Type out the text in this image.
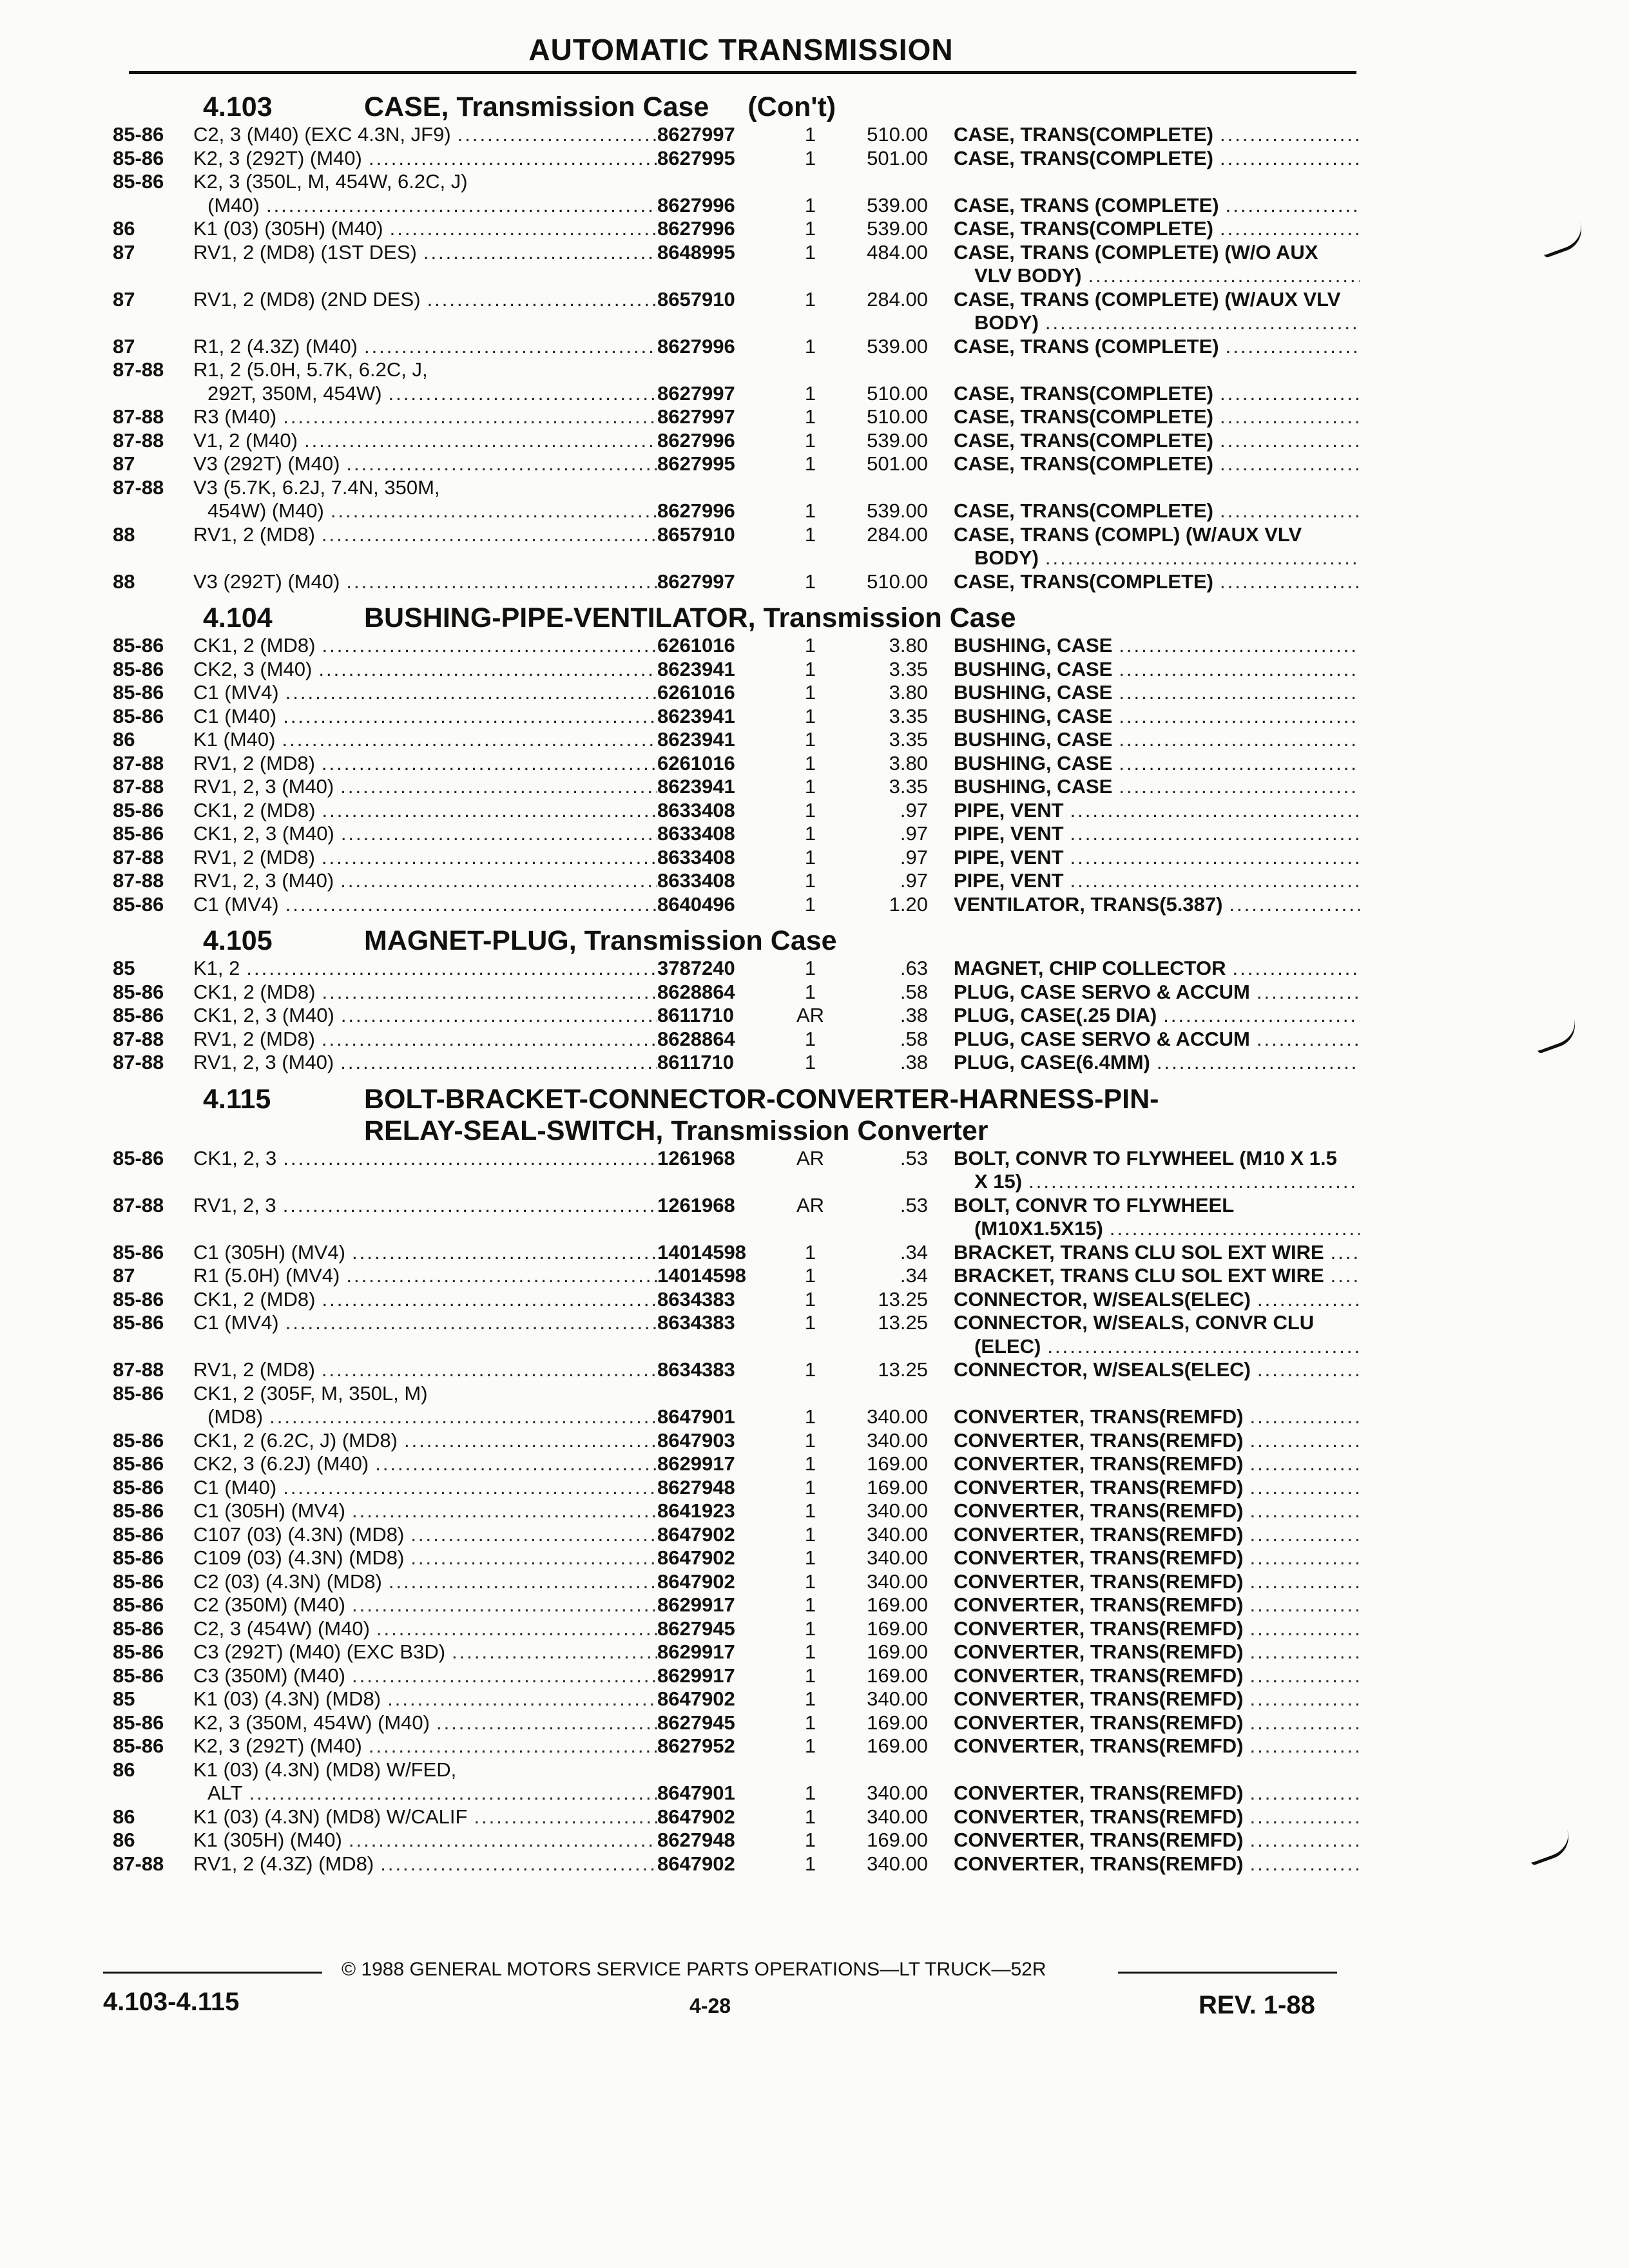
AUTOMATIC TRANSMISSION
4.103	CASE, Transmission Case (Con't)
85-86	C2, 3 (M40) (EXC 4.3N, JF9) .....	8627997	1	510.00	CASE, TRANS(COMPLETE)
.....
85-86	K2, 3 (292T) (M40) .....	8627995	1	501.00	CASE, TRANS(COMPLETE)
.....
85-86	K2, 3 (350L, M, 454W, 6.2C, J)
(M40) .....	8627996	1	539.00	CASE, TRANS (COMPLETE)
.....
86	K1 (03) (305H) (M40) .....	8627996	1	539.00	CASE, TRANS(COMPLETE)
.....
87	RV1, 2 (MD8) (1ST DES) .....	8648995	1	484.00	CASE, TRANS (COMPLETE) (W/O AUX
VLV BODY)
.....
87	RV1, 2 (MD8) (2ND DES) .....	8657910	1	284.00	CASE, TRANS (COMPLETE) (W/AUX VLV
BODY)
.....
87	R1, 2 (4.3Z) (M40) .....	8627996	1	539.00	CASE, TRANS (COMPLETE)
.....
87-88	R1, 2 (5.0H, 5.7K, 6.2C, J,
292T, 350M, 454W) .....	8627997	1	510.00	CASE, TRANS(COMPLETE)
.....
87-88	R3 (M40) .....	8627997	1	510.00	CASE, TRANS(COMPLETE)
.....
87-88	V1, 2 (M40) .....	8627996	1	539.00	CASE, TRANS(COMPLETE)
.....
87	V3 (292T) (M40) .....	8627995	1	501.00	CASE, TRANS(COMPLETE)
.....
87-88	V3 (5.7K, 6.2J, 7.4N, 350M,
454W) (M40) .....	8627996	1	539.00	CASE, TRANS(COMPLETE)
.....
88	RV1, 2 (MD8) .....	8657910	1	284.00	CASE, TRANS (COMPL) (W/AUX VLV
BODY)
.....
88	V3 (292T) (M40) .....	8627997	1	510.00	CASE, TRANS(COMPLETE)
.....
4.104	BUSHING-PIPE-VENTILATOR, Transmission Case
85-86	CK1, 2 (MD8) .....	6261016	1	3.80	BUSHING, CASE
.....
85-86	CK2, 3 (M40) .....	8623941	1	3.35	BUSHING, CASE
.....
85-86	C1 (MV4) .....	6261016	1	3.80	BUSHING, CASE
.....
85-86	C1 (M40) .....	8623941	1	3.35	BUSHING, CASE
.....
86	K1 (M40) .....	8623941	1	3.35	BUSHING, CASE
.....
87-88	RV1, 2 (MD8) .....	6261016	1	3.80	BUSHING, CASE
.....
87-88	RV1, 2, 3 (M40) .....	8623941	1	3.35	BUSHING, CASE
.....
85-86	CK1, 2 (MD8) .....	8633408	1	.97	PIPE, VENT
.....
85-86	CK1, 2, 3 (M40) .....	8633408	1	.97	PIPE, VENT
.....
87-88	RV1, 2 (MD8) .....	8633408	1	.97	PIPE, VENT
.....
87-88	RV1, 2, 3 (M40) .....	8633408	1	.97	PIPE, VENT
.....
85-86	C1 (MV4) .....	8640496	1	1.20	VENTILATOR, TRANS(5.387)
.....
4.105	MAGNET-PLUG, Transmission Case
85	K1, 2 .....	3787240	1	.63	MAGNET, CHIP COLLECTOR
.....
85-86	CK1, 2 (MD8) .....	8628864	1	.58	PLUG, CASE SERVO & ACCUM
.....
85-86	CK1, 2, 3 (M40) .....	8611710	AR	.38	PLUG, CASE(.25 DIA)
.....
87-88	RV1, 2 (MD8) .....	8628864	1	.58	PLUG, CASE SERVO & ACCUM
.....
87-88	RV1, 2, 3 (M40) .....	8611710	1	.38	PLUG, CASE(6.4MM)
.....
4.115	BOLT-BRACKET-CONNECTOR-CONVERTER-HARNESS-PIN-
RELAY-SEAL-SWITCH, Transmission Converter
85-86	CK1, 2, 3 .....	1261968	AR	.53	BOLT, CONVR TO FLYWHEEL (M10 X 1.5
X 15)
.....
87-88	RV1, 2, 3 .....	1261968	AR	.53	BOLT, CONVR TO FLYWHEEL
(M10X1.5X15)
.....
85-86	C1 (305H) (MV4) .....	14014598	1	.34	BRACKET, TRANS CLU SOL EXT WIRE
.....
87	R1 (5.0H) (MV4) .....	14014598	1	.34	BRACKET, TRANS CLU SOL EXT WIRE
.....
85-86	CK1, 2 (MD8) .....	8634383	1	13.25	CONNECTOR, W/SEALS(ELEC)
.....
85-86	C1 (MV4) .....	8634383	1	13.25	CONNECTOR, W/SEALS, CONVR CLU
(ELEC)
.....
87-88	RV1, 2 (MD8) .....	8634383	1	13.25	CONNECTOR, W/SEALS(ELEC)
.....
85-86	CK1, 2 (305F, M, 350L, M)
(MD8) .....	8647901	1	340.00	CONVERTER, TRANS(REMFD)
.....
85-86	CK1, 2 (6.2C, J) (MD8) .....	8647903	1	340.00	CONVERTER, TRANS(REMFD)
.....
85-86	CK2, 3 (6.2J) (M40) .....	8629917	1	169.00	CONVERTER, TRANS(REMFD)
.....
85-86	C1 (M40) .....	8627948	1	169.00	CONVERTER, TRANS(REMFD)
.....
85-86	C1 (305H) (MV4) .....	8641923	1	340.00	CONVERTER, TRANS(REMFD)
.....
85-86	C107 (03) (4.3N) (MD8) .....	8647902	1	340.00	CONVERTER, TRANS(REMFD)
.....
85-86	C109 (03) (4.3N) (MD8) .....	8647902	1	340.00	CONVERTER, TRANS(REMFD)
.....
85-86	C2 (03) (4.3N) (MD8) .....	8647902	1	340.00	CONVERTER, TRANS(REMFD)
.....
85-86	C2 (350M) (M40) .....	8629917	1	169.00	CONVERTER, TRANS(REMFD)
.....
85-86	C2, 3 (454W) (M40) .....	8627945	1	169.00	CONVERTER, TRANS(REMFD)
.....
85-86	C3 (292T) (M40) (EXC B3D) .....	8629917	1	169.00	CONVERTER, TRANS(REMFD)
.....
85-86	C3 (350M) (M40) .....	8629917	1	169.00	CONVERTER, TRANS(REMFD)
.....
85	K1 (03) (4.3N) (MD8) .....	8647902	1	340.00	CONVERTER, TRANS(REMFD)
.....
85-86	K2, 3 (350M, 454W) (M40) .....	8627945	1	169.00	CONVERTER, TRANS(REMFD)
.....
85-86	K2, 3 (292T) (M40) .....	8627952	1	169.00	CONVERTER, TRANS(REMFD)
.....
86	K1 (03) (4.3N) (MD8) W/FED,
ALT .....	8647901	1	340.00	CONVERTER, TRANS(REMFD)
.....
86	K1 (03) (4.3N) (MD8) W/CALIF .....	8647902	1	340.00	CONVERTER, TRANS(REMFD)
.....
86	K1 (305H) (M40) .....	8627948	1	169.00	CONVERTER, TRANS(REMFD)
.....
87-88	RV1, 2 (4.3Z) (MD8) .....	8647902	1	340.00	CONVERTER, TRANS(REMFD)
.....
© 1988 GENERAL MOTORS SERVICE PARTS OPERATIONS—LT TRUCK—52R
4.103-4.115	4-28	REV. 1-88
